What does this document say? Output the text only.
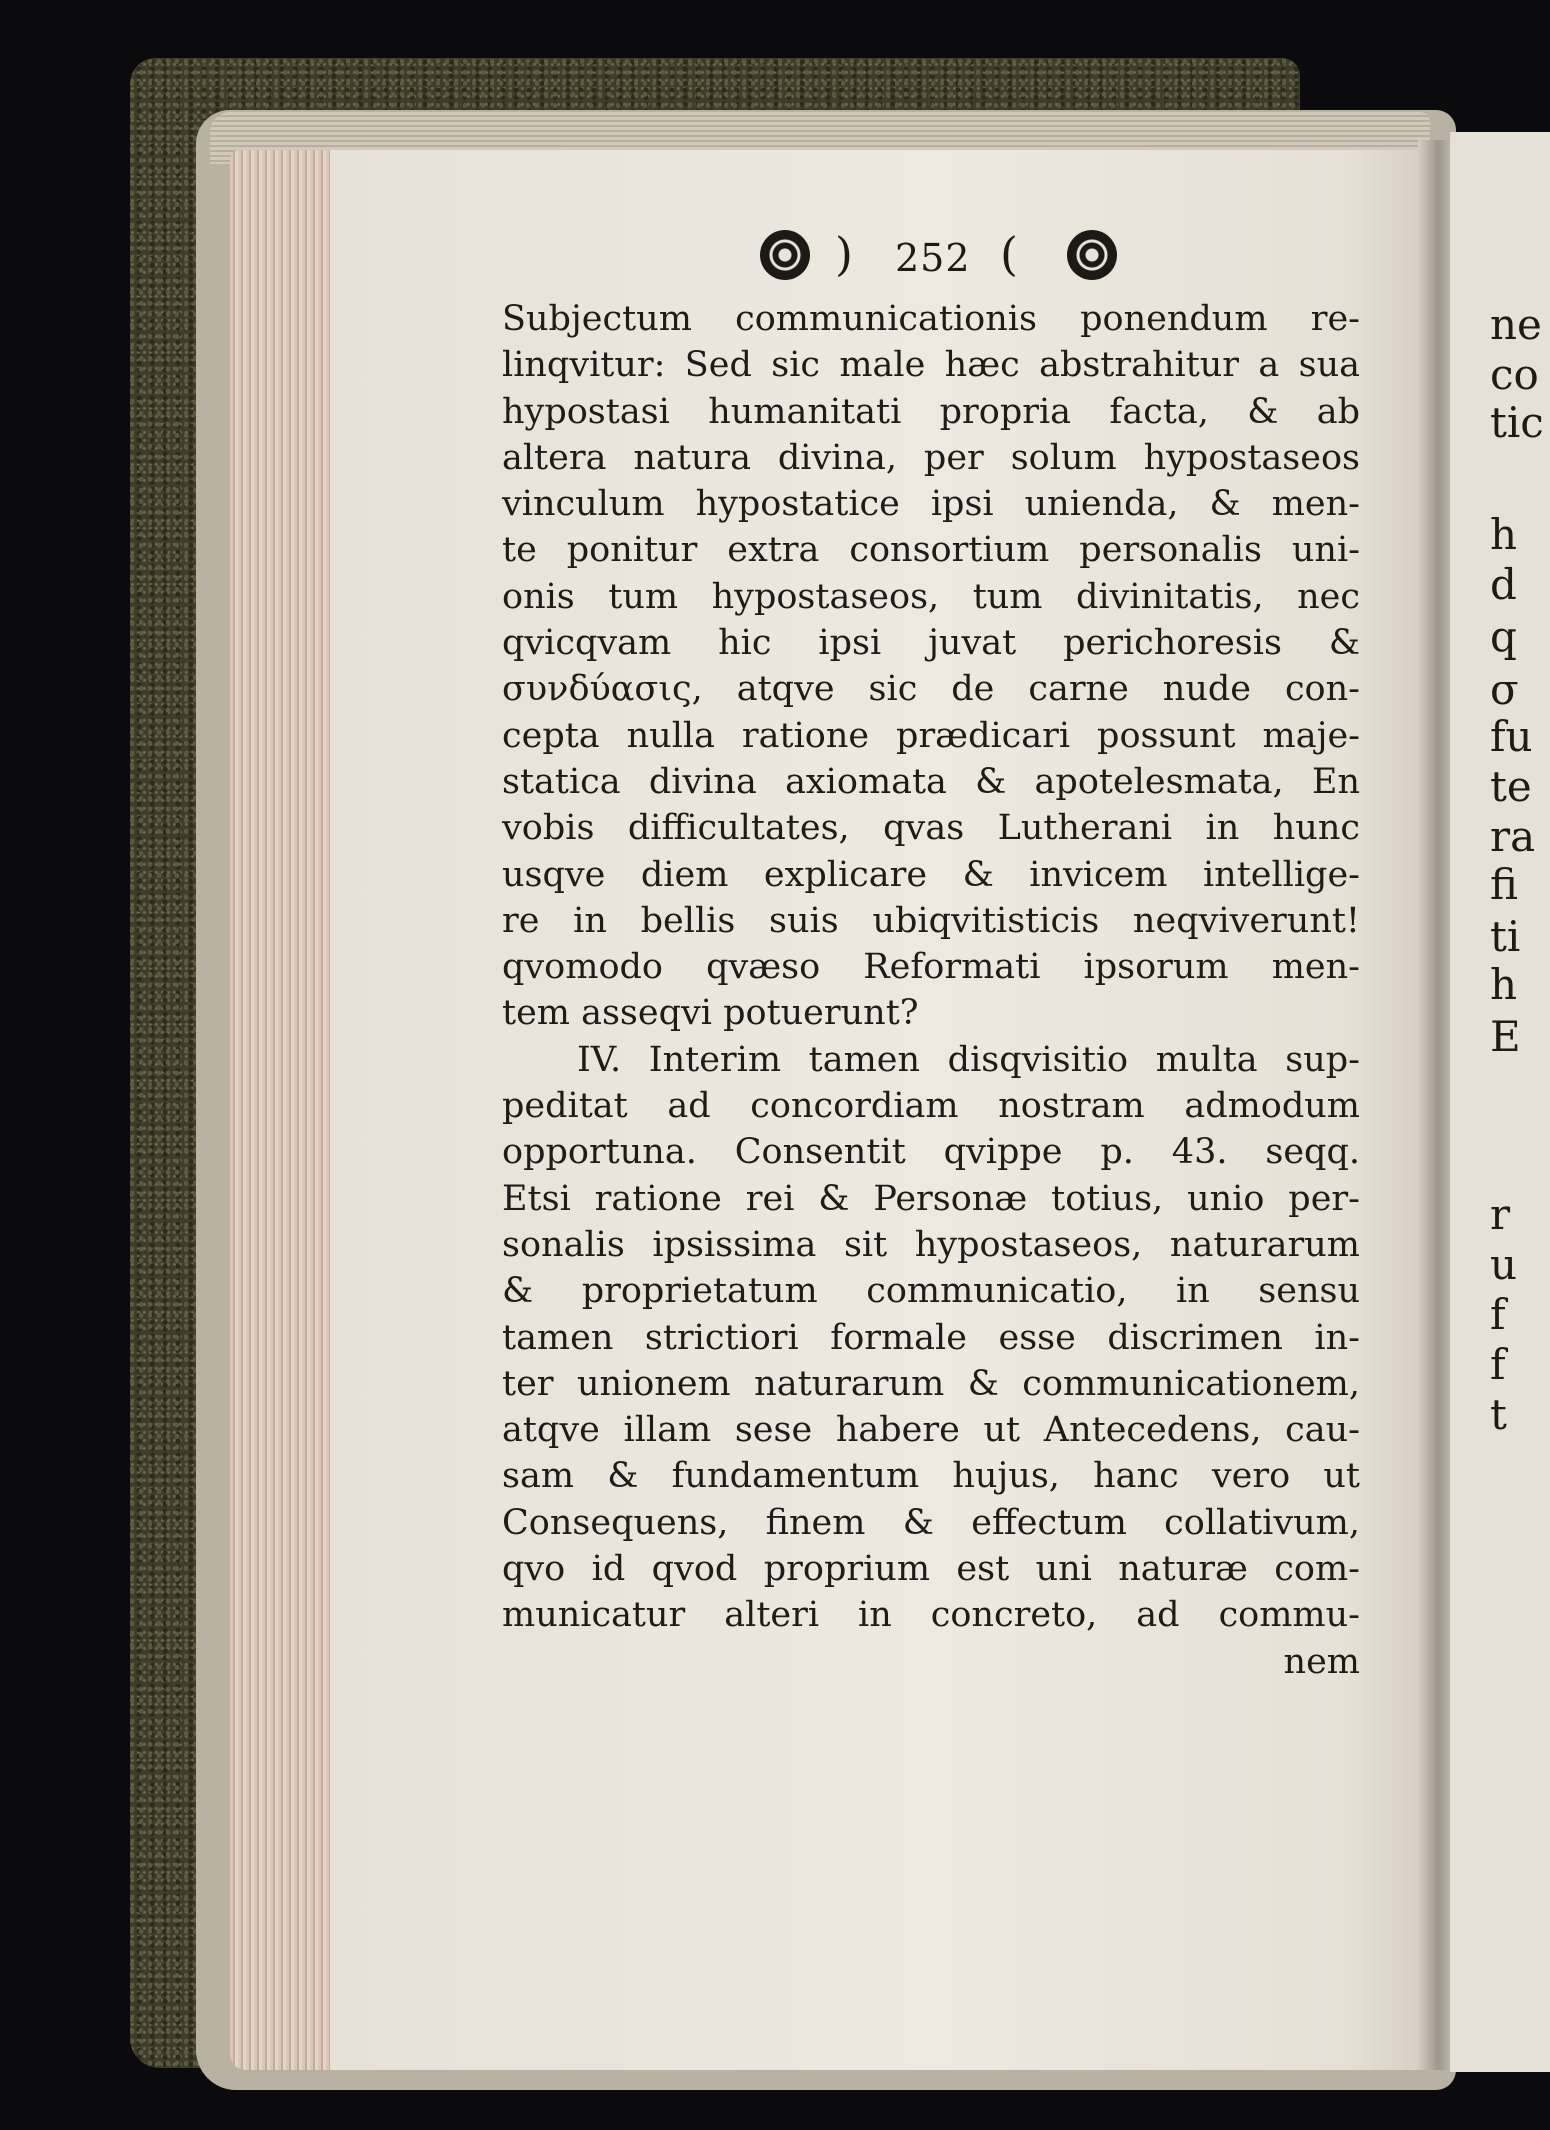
ne
co
tic
h
d
q
σ
fu
te
ra
fi
ti
h
E
r
u
f
f
t
) 252 (
Subjectum communicationis ponendum re-
linqvitur: Sed sic male hæc abstrahitur a sua
hypostasi humanitati propria facta, & ab
altera natura divina, per solum hypostaseos
vinculum hypostatice ipsi unienda, & men-
te ponitur extra consortium personalis uni-
onis tum hypostaseos, tum divinitatis, nec
qvicqvam hic ipsi juvat perichoresis &
συνδύασις, atqve sic de carne nude con-
cepta nulla ratione prædicari possunt maje-
statica divina axiomata & apotelesmata, En
vobis difficultates, qvas Lutherani in hunc
usqve diem explicare & invicem intellige-
re in bellis suis ubiqvitisticis neqviverunt!
qvomodo qvæso Reformati ipsorum men-
tem asseqvi potuerunt?
IV. Interim tamen disqvisitio multa sup-
peditat ad concordiam nostram admodum
opportuna. Consentit qvippe p. 43. seqq.
Etsi ratione rei & Personæ totius, unio per-
sonalis ipsissima sit hypostaseos, naturarum
& proprietatum communicatio, in sensu
tamen strictiori formale esse discrimen in-
ter unionem naturarum & communicationem,
atqve illam sese habere ut Antecedens, cau-
sam & fundamentum hujus, hanc vero ut
Consequens, finem & effectum collativum,
qvo id qvod proprium est uni naturæ com-
municatur alteri in concreto, ad commu-
nem
